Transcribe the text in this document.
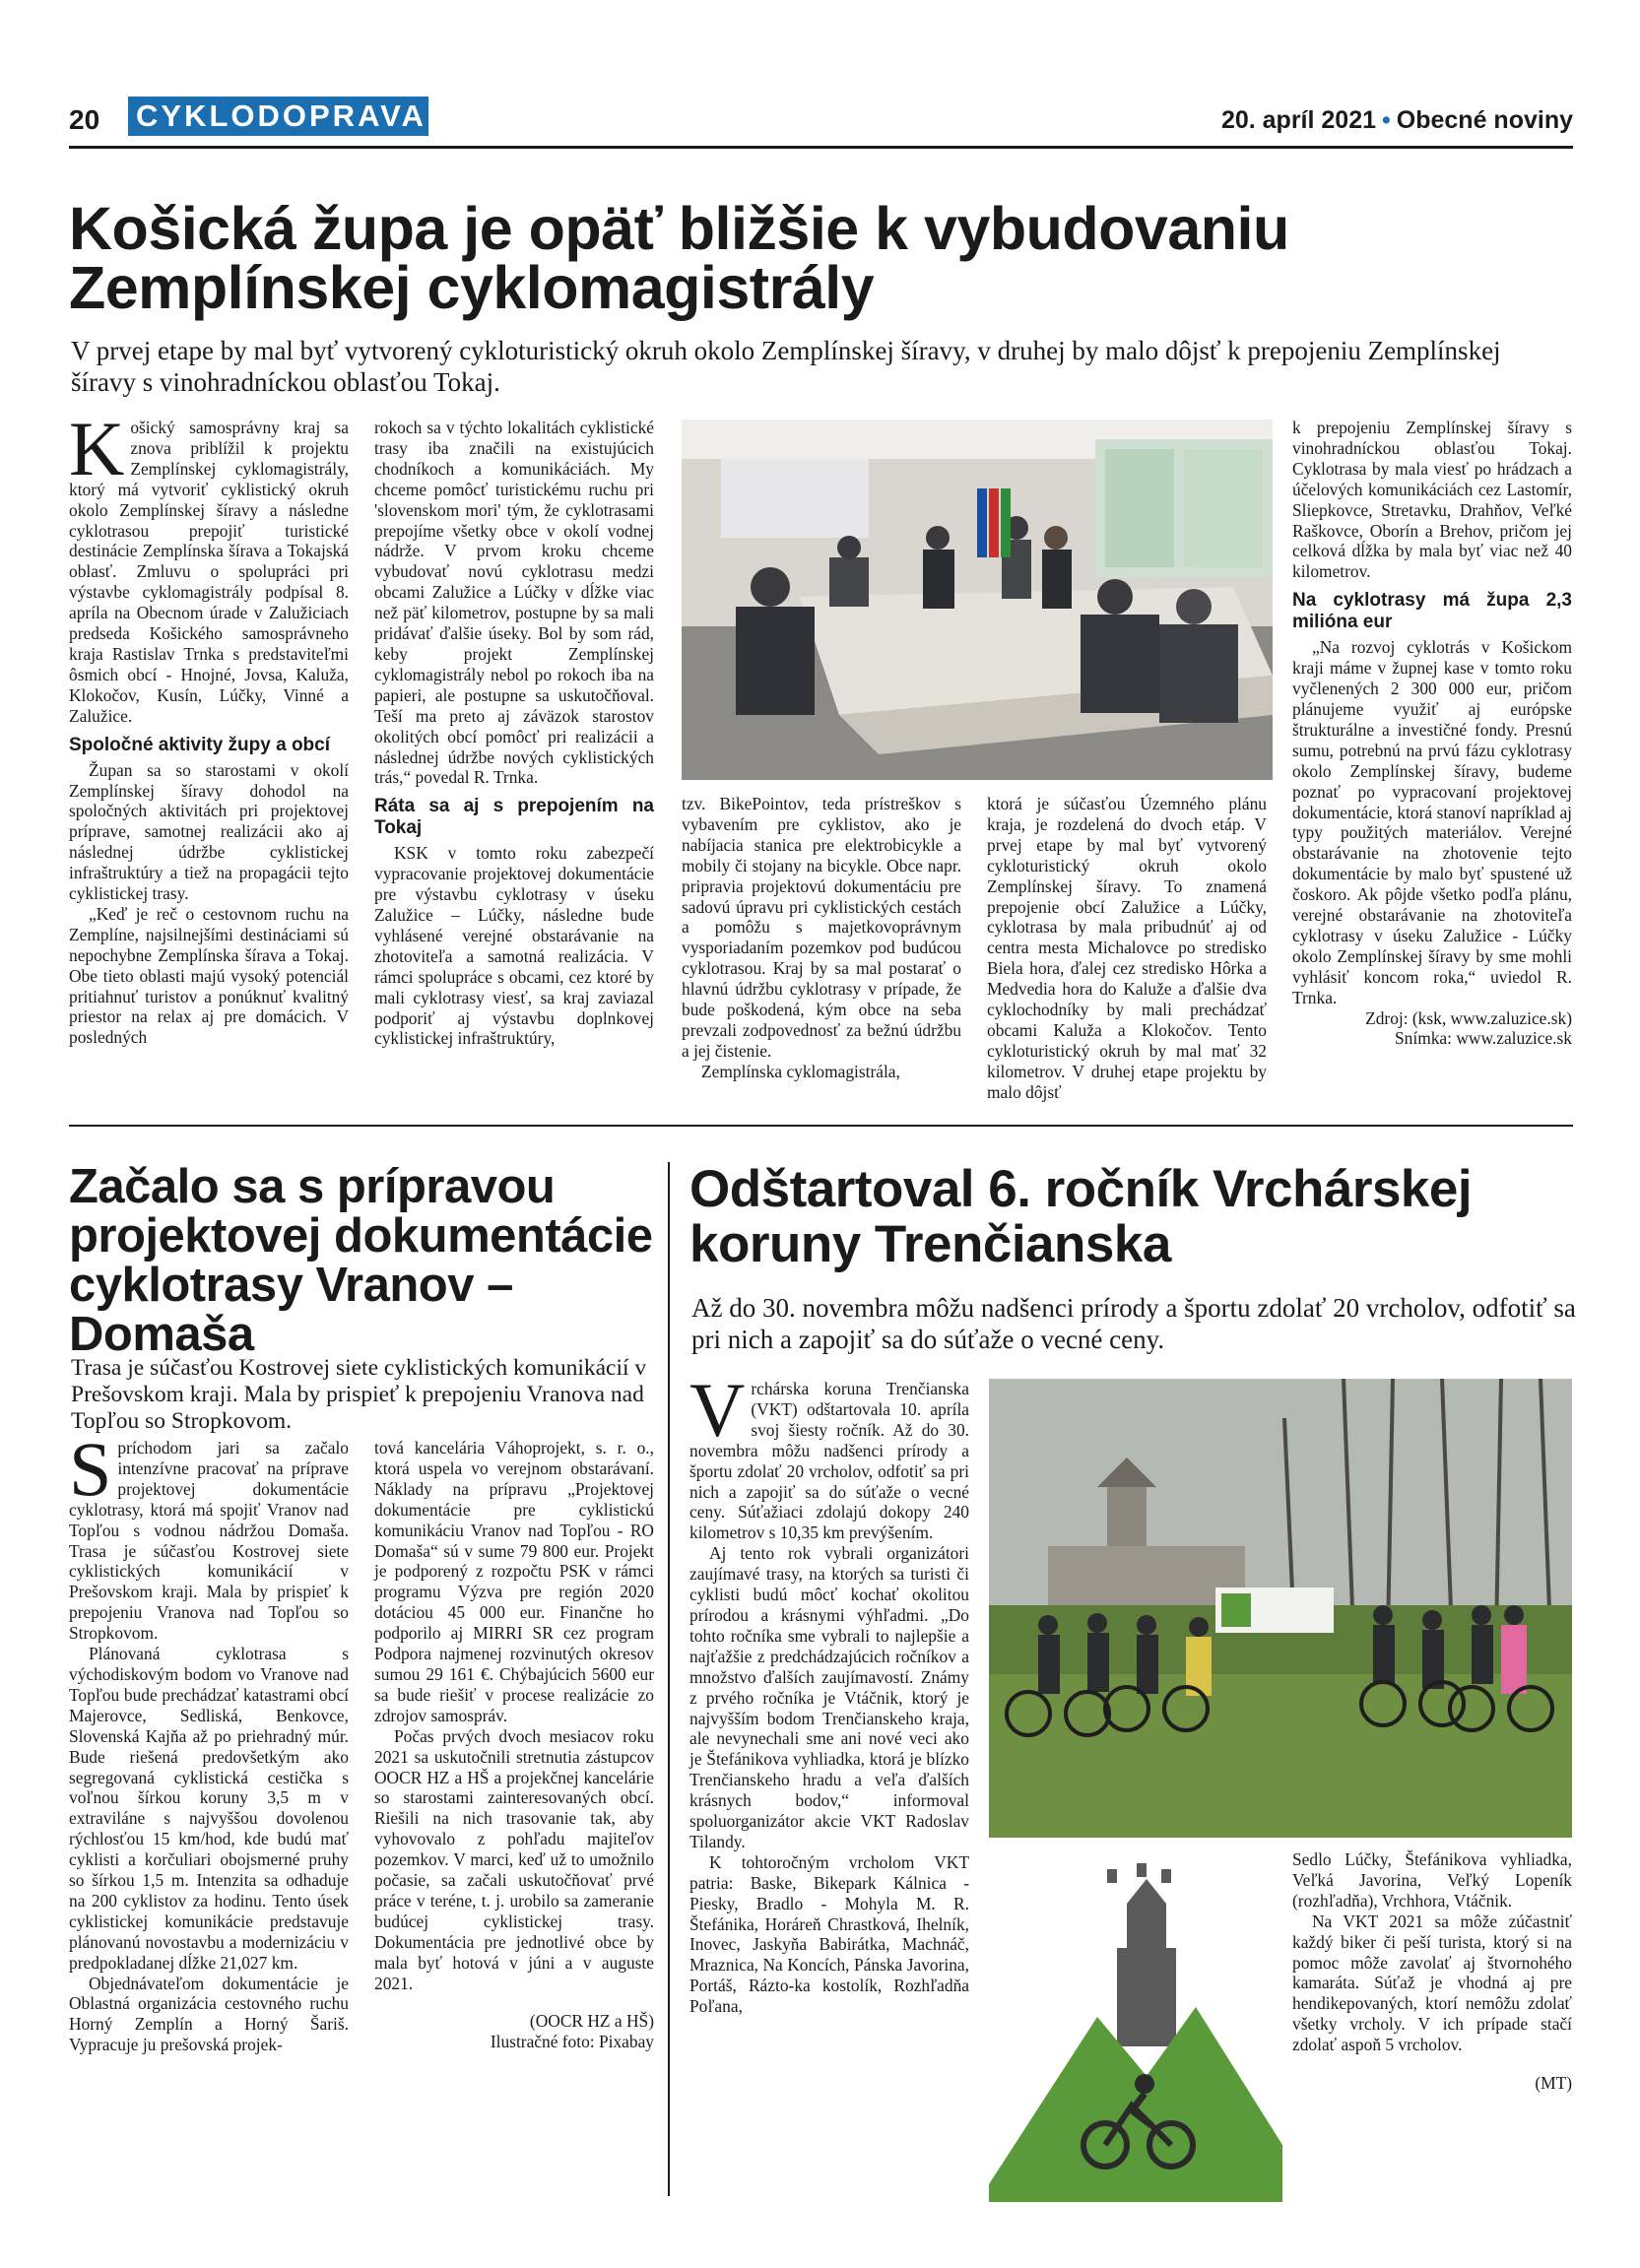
20 CYKLODOPRAVA	20. apríl 2021 • Obecné noviny
Košická župa je opäť bližšie k vybudovaniu Zemplínskej cyklomagistrály
V prvej etape by mal byť vytvorený cykloturistický okruh okolo Zemplínskej šíravy, v druhej by malo dôjsť k prepojeniu Zemplínskej šíravy s vinohradníckou oblasťou Tokaj.

Košický samosprávny kraj sa znova priblížil k projektu Zemplínskej cyklomagistrály, ktorý má vytvoriť cyklistický okruh okolo Zemplínskej šíravy a následne cyklotrasou prepojiť turistické destinácie Zemplínska šírava a Tokajská oblasť. Zmluvu o spolupráci pri výstavbe cyklomagistrály podpísal 8. apríla na Obecnom úrade v Zalužiciach predseda Košického samosprávneho kraja Rastislav Trnka s predstaviteľmi ôsmich obcí - Hnojné, Jovsa, Kaluža, Klokočov, Kusín, Lúčky, Vinné a Zalužice.

Spoločné aktivity župy a obcí

Župan sa so starostami v okolí Zemplínskej šíravy dohodol na spoločných aktivitách pri projektovej príprave, samotnej realizácii ako aj následnej údržbe cyklistickej infraštruktúry a tiež na propagácii tejto cyklistickej trasy.

„Keď je reč o cestovnom ruchu na Zemplíne, najsilnejšími destináciami sú nepochybne Zemplínska šírava a Tokaj. Obe tieto oblasti majú vysoký potenciál pritiahnuť turistov a ponúknuť kvalitný priestor na relax aj pre domácich. V posledných

rokoch sa v týchto lokalitách cyklistické trasy iba značili na existujúcich chodníkoch a komunikáciách. My chceme pomôcť turistickému ruchu pri 'slovenskom mori' tým, že cyklotrasami prepojíme všetky obce v okolí vodnej nádrže. V prvom kroku chceme vybudovať novú cyklotrasu medzi obcami Zalužice a Lúčky v dĺžke viac než päť kilometrov, postupne by sa mali pridávať ďalšie úseky. Bol by som rád, keby projekt Zemplínskej cyklomagistrály nebol po rokoch iba na papieri, ale postupne sa uskutočňoval. Teší ma preto aj záväzok starostov okolitých obcí pomôcť pri realizácii a následnej údržbe nových cyklistických trás,“ povedal R. Trnka.

Ráta sa aj s prepojením na Tokaj

KSK v tomto roku zabezpečí vypracovanie projektovej dokumentácie pre výstavbu cyklotrasy v úseku Zalužice – Lúčky, následne bude vyhlásené verejné obstarávanie na zhotoviteľa a samotná realizácia. V rámci spolupráce s obcami, cez ktoré by mali cyklotrasy viesť, sa kraj zaviazal podporiť aj výstavbu doplnkovej cyklistickej infraštruktúry,

tzv. BikePointov, teda prístreškov s vybavením pre cyklistov, ako je nabíjacia stanica pre elektrobicykle a mobily či stojany na bicykle. Obce napr. pripravia projektovú dokumentáciu pre sadovú úpravu pri cyklistických cestách a pomôžu s majetkovoprávnym vysporiadaním pozemkov pod budúcou cyklotrasou. Kraj by sa mal postarať o hlavnú údržbu cyklotrasy v prípade, že bude poškodená, kým obce na seba prevzali zodpovednosť za bežnú údržbu a jej čistenie.

Zemplínska cyklomagistrála,

ktorá je súčasťou Územného plánu kraja, je rozdelená do dvoch etáp. V prvej etape by mal byť vytvorený cykloturistický okruh okolo Zemplínskej šíravy. To znamená prepojenie obcí Zalužice a Lúčky, cyklotrasa by mala pribudnúť aj od centra mesta Michalovce po stredisko Biela hora, ďalej cez stredisko Hôrka a Medvedia hora do Kalužе a ďalšie dva cyklochodníky by mali prechádzať obcami Kaluža a Klokočov. Tento cykloturistický okruh by mal mať 32 kilometrov. V druhej etape projektu by malo dôjsť

k prepojeniu Zemplínskej šíravy s vinohradníckou oblasťou Tokaj. Cyklotrasa by mala viesť po hrádzach a účelových komunikáciách cez Lastomír, Sliepkovce, Stretavku, Drahňov, Veľké Raškovce, Oborín a Brehov, pričom jej celková dĺžka by mala byť viac než 40 kilometrov.

Na cyklotrasy má župa 2,3 milióna eur

„Na rozvoj cyklotrás v Košickom kraji máme v župnej kase v tomto roku vyčlenených 2 300 000 eur, pričom plánujeme využiť aj európske štrukturálne a investičné fondy. Presnú sumu, potrebnú na prvú fázu cyklotrasy okolo Zemplínskej šíravy, budeme poznať po vypracovaní projektovej dokumentácie, ktorá stanoví napríklad aj typy použitých materiálov. Verejné obstarávanie na zhotovenie tejto dokumentácie by malo byť spustené už čoskoro. Ak pôjde všetko podľa plánu, verejné obstarávanie na zhotoviteľa cyklotrasy v úseku Zalužice - Lúčky okolo Zemplínskej šíravy by sme mohli vyhlásiť koncom roka,“ uviedol R. Trnka.

Zdroj: (ksk, www.zaluzice.sk)
Snímka: www.zaluzice.sk
Začalo sa s prípravou projektovej dokumentácie cyklotrasy Vranov – Domaša
Trasa je súčasťou Kostrovej siete cyklistických komunikácií v Prešovskom kraji. Mala by prispieť k prepojeniu Vranova nad Topľou so Stropkovom.

Spríchodom jari sa začalo intenzívne pracovať na príprave projektovej dokumentácie cyklotrasy, ktorá má spojiť Vranov nad Topľou s vodnou nádržou Domaša. Trasa je súčasťou Kostrovej siete cyklistických komunikácií v Prešovskom kraji. Mala by prispieť k prepojeniu Vranova nad Topľou so Stropkovom.

Plánovaná cyklotrasa s východiskovým bodom vo Vranove nad Topľou bude prechádzať katastrami obcí Majerovce, Sedliská, Benkovce, Slovenská Kajňa až po priehradný múr. Bude riešená predovšetkým ako segregovaná cyklistická cestička s voľnou šírkou koruny 3,5 m v extraviláne s najvyššou dovolenou rýchlosťou 15 km/hod, kde budú mať cyklisti a korčuliari obojsmerné pruhy so šírkou 1,5 m. Intenzita sa odhaduje na 200 cyklistov za hodinu. Tento úsek cyklistickej komunikácie predstavuje plánovanú novostavbu a modernizáciu v predpokladanej dĺžke 21,027 km.

Objednávateľom dokumentácie je Oblastná organizácia cestovného ruchu Horný Zemplín a Horný Šariš. Vypracuje ju prešovská projek-

tová kancelária Váhoprojekt, s. r. o., ktorá uspela vo verejnom obstarávaní. Náklady na prípravu „Projektovej dokumentácie pre cyklistickú komunikáciu Vranov nad Topľou - RO Domaša“ sú v sume 79 800 eur. Projekt je podporený z rozpočtu PSK v rámci programu Výzva pre región 2020 dotáciou 45 000 eur. Finančne ho podporilo aj MIRRI SR cez program Podpora najmenej rozvinutých okresov sumou 29 161 €. Chýbajúcich 5600 eur sa bude riešiť v procese realizácie zo zdrojov samospráv.

Počas prvých dvoch mesiacov roku 2021 sa uskutočnili stretnutia zástupcov OOCR HZ a HŠ a projekčnej kancelárie so starostami zainteresovaných obcí. Riešili na nich trasovanie tak, aby vyhovovalo z pohľadu majiteľov pozemkov. V marci, keď už to umožnilo počasie, sa začali uskutočňovať prvé práce v teréne, t. j. urobilo sa zameranie budúcej cyklistickej trasy. Dokumentácia pre jednotlivé obce by mala byť hotová v júni a v auguste 2021.

(OOCR HZ a HŠ)
Ilustračné foto: Pixabay
Odštartoval 6. ročník Vrchárskej koruny Trenčianska
Až do 30. novembra môžu nadšenci prírody a športu zdolať 20 vrcholov, odfotiť sa pri nich a zapojiť sa do súťaže o vecné ceny.

Vrchárska koruna Trenčianska (VKT) odštartovala 10. apríla svoj šiesty ročník. Až do 30. novembra môžu nadšenci prírody a športu zdolať 20 vrcholov, odfotiť sa pri nich a zapojiť sa do súťaže o vecné ceny. Súťažiaci zdolajú dokopy 240 kilometrov s 10,35 km prevýšením.

Aj tento rok vybrali organizátori zaujímavé trasy, na ktorých sa turisti či cyklisti budú môcť kochať okolitou prírodou a krásnymi výhľadmi. „Do tohto ročníka sme vybrali to najlepšie a najťažšie z predchádzajúcich ročníkov a množstvo ďalších zaujímavostí. Známy z prvého ročníka je Vtáčnik, ktorý je najvyšším bodom Trenčianskeho kraja, ale nevynechali sme ani nové veci ako je Štefánikova vyhliadka, ktorá je blízko Trenčianskeho hradu a veľa ďalších krásnych bodov,“ informoval spoluorganizátor akcie VKT Radoslav Tilandy.

K tohtoročným vrcholom VKT patria: Baske, Bikepark Kálnica - Piesky, Bradlo - Mohyla M. R. Štefánika, Horáreň Chrastková, Ihelník, Inovec, Jaskyňa Babirátka, Machnáč, Mraznica, Na Koncích, Pánska Javorina, Portáš, Rázto-ka kostolík, Rozhľadňa Poľana,

Sedlo Lúčky, Štefánikova vyhliadka, Veľká Javorina, Veľký Lopeník (rozhľadňa), Vrchhora, Vtáčnik.

Na VKT 2021 sa môže zúčastniť každý biker či peší turista, ktorý si na pomoc môže zavolať aj štvornohého kamaráta. Súťaž je vhodná aj pre hendikepovaných, ktorí nemôžu zdolať všetky vrcholy. V ich prípade stačí zdolať aspoň 5 vrcholov.

(MT)
